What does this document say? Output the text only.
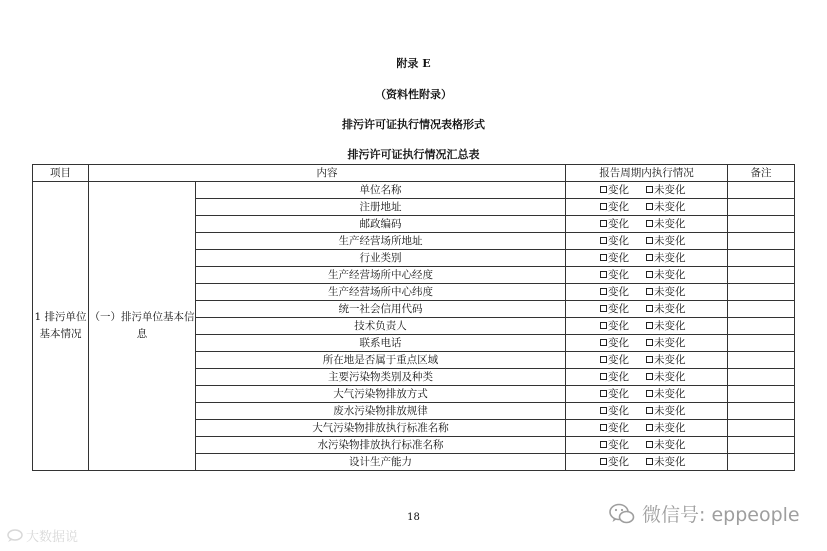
附录 E
（资料性附录）
排污许可证执行情况表格形式
排污许可证执行情况汇总表
项目	内容		报告周期内执行情况	备注
1 排污单位基本情况	（一）排污单位基本信息	单位名称	变化 未变化	
		注册地址	变化 未变化	
		邮政编码	变化 未变化	
		生产经营场所地址	变化 未变化	
		行业类别	变化 未变化	
		生产经营场所中心经度	变化 未变化	
		生产经营场所中心纬度	变化 未变化	
		统一社会信用代码	变化 未变化	
		技术负责人	变化 未变化	
		联系电话	变化 未变化	
		所在地是否属于重点区域	变化 未变化	
		主要污染物类别及种类	变化 未变化	
		大气污染物排放方式	变化 未变化	
		废水污染物排放规律	变化 未变化	
		大气污染物排放执行标准名称	变化 未变化	
		水污染物排放执行标准名称	变化 未变化	
		设计生产能力	变化 未变化	
18
大数据说
微信号: eppeople
